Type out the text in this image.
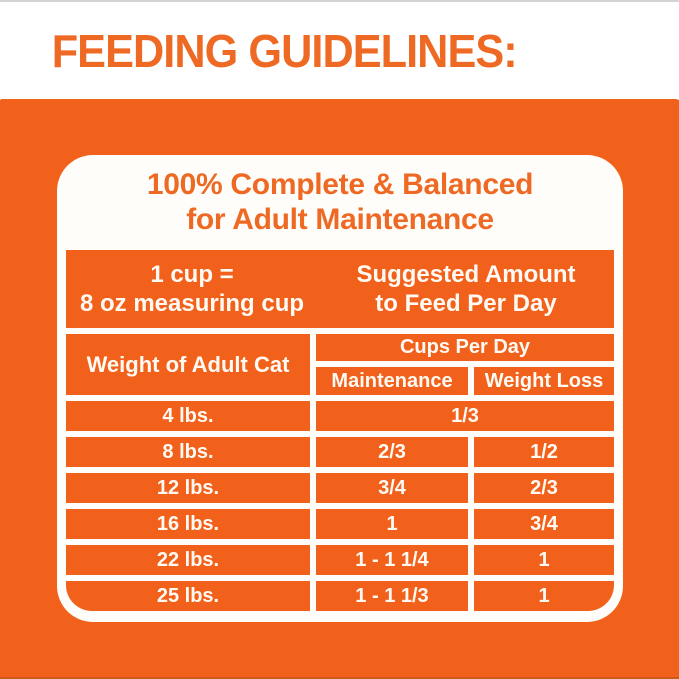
FEEDING GUIDELINES:
100% Complete & Balanced
for Adult Maintenance
1 cup =
8 oz measuring cup
Suggested Amount
to Feed Per Day
Weight of Adult Cat
Cups Per Day
Maintenance	Weight Loss
4 lbs.	1/3
8 lbs.	2/3	1/2
12 lbs.	3/4	2/3
16 lbs.	1	3/4
22 lbs.	1 - 1 1/4	1
25 lbs.	1 - 1 1/3	1
